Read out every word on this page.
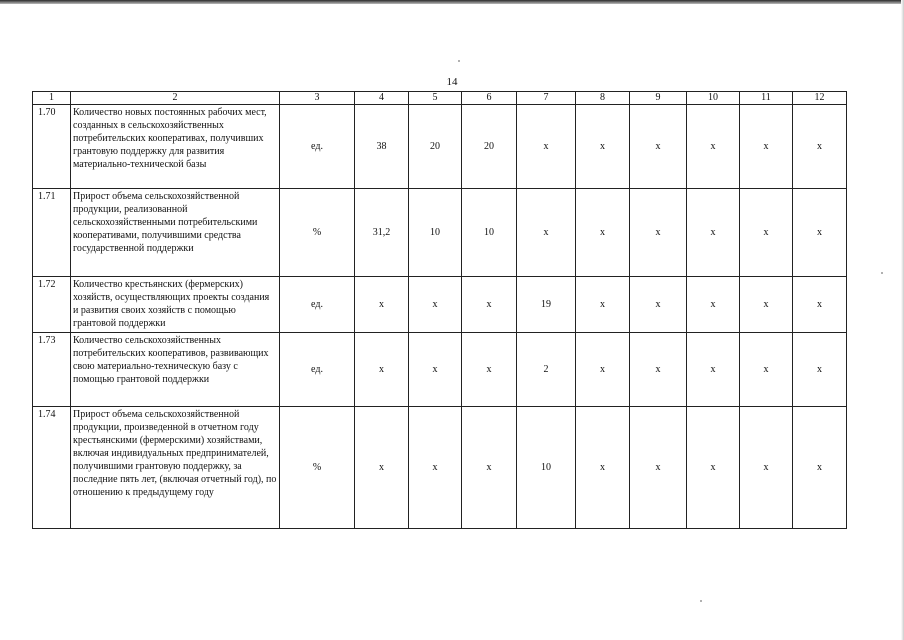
14
1	2	3	4	5	6	7	8	9	10	11	12
1.70	Количество новых постоянных рабочих мест, созданных в сельскохозяйственных потребительских кооперативах, получивших грантовую поддержку для развития материально-технической базы	ед.	38	20	20	х	х	х	х	х	х
1.71	Прирост объема сельскохозяйственной продукции, реализованной сельскохозяйственными потребительскими кооперативами, получившими средства государственной поддержки	%	31,2	10	10	х	х	х	х	х	х
1.72	Количество крестьянских (фермерских) хозяйств, осуществляющих проекты создания и развития своих хозяйств с помощью грантовой поддержки	ед.	х	х	х	19	х	х	х	х	х
1.73	Количество сельскохозяйственных потребительских кооперативов, развивающих свою материально-техническую базу с помощью грантовой поддержки	ед.	х	х	х	2	х	х	х	х	х
1.74	Прирост объема сельскохозяйственной продукции, произведенной в отчетном году крестьянскими (фермерскими) хозяйствами, включая индивидуальных предпринимателей, получившими грантовую поддержку, за последние пять лет, (включая отчетный год), по отношению к предыдущему году	%	х	х	х	10	х	х	х	х	х
